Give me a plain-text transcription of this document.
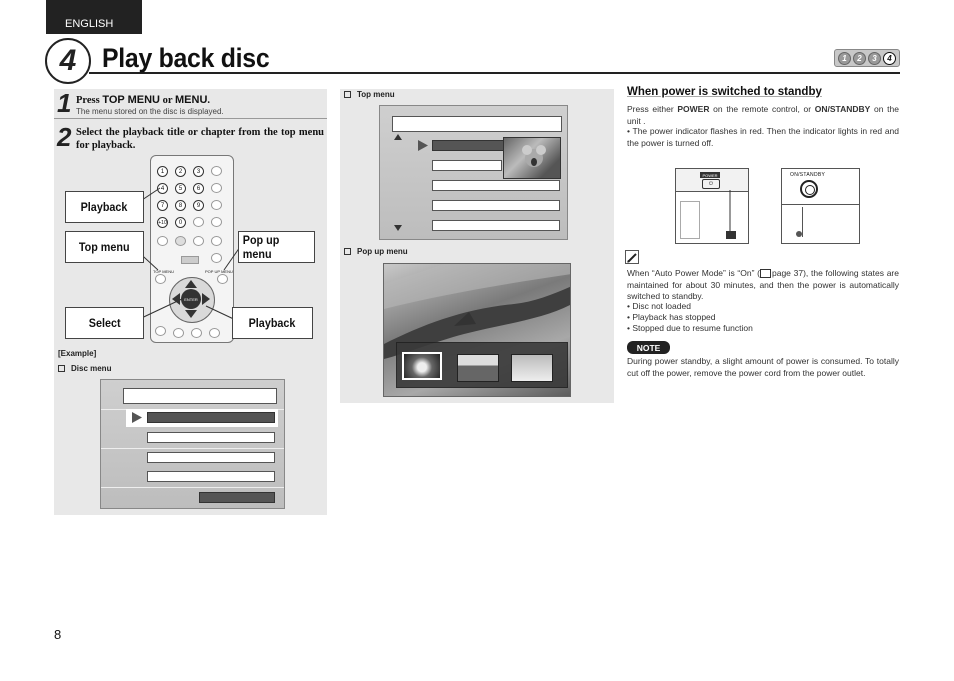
ENGLISH
4 Play back disc	1	2	3	4
1 Press TOP MENU or MENU.
The menu stored on the disc is displayed.
2 Select the playback title or chapter from the top menu for playback.
1	2	3
4	5	6
7	8	9
+10	0
TOP MENU	POP UP MENU
ENTER
Playback
Top menu	Pop up menu
Select	Playback
[Example]
Disc menu
Top menu
Pop up menu
When power is switched to standby
Press either POWER on the remote control, or ON/STANDBY on the unit .
• The power indicator flashes in red. Then the indicator lights in red and the power is turned off.
POWER
⏻
ON/STANDBY
When “Auto Power Mode” is “On” ( page 37), the following states are maintained for about 30 minutes, and then the power is automatically switched to standby.
• Disc not loaded
• Playback has stopped
• Stopped due to resume function
NOTE
During power standby, a slight amount of power is consumed. To totally cut off the power, remove the power cord from the power outlet.
8
